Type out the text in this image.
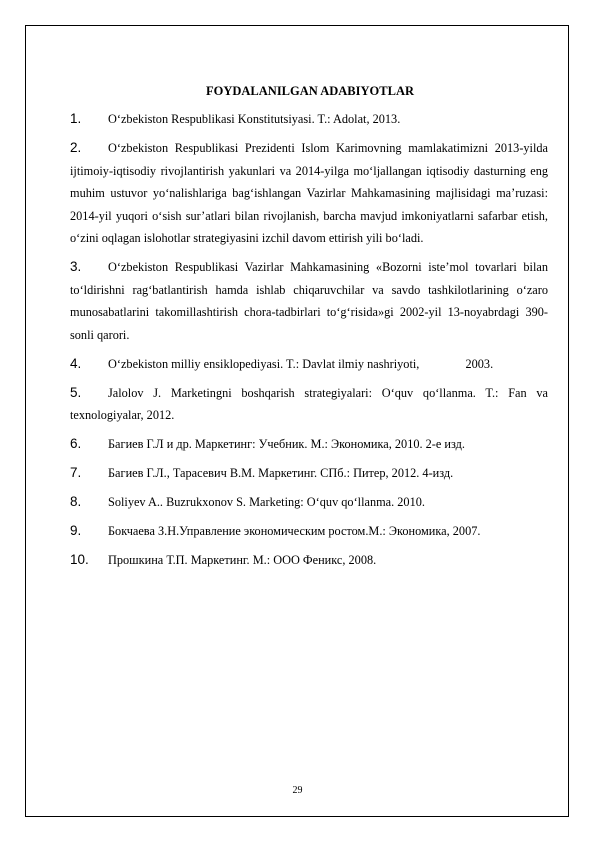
FOYDALANILGAN ADABIYOTLAR
1. O‘zbekiston Respublikasi Konstitutsiyasi. T.: Adolat, 2013.
2.	O‘zbekiston Respublikasi Prezidenti Islom Karimovning mamlakatimizni 2013-yilda ijtimoiy-iqtisodiy rivojlantirish yakunlari va 2014-yilga mo‘ljallangan iqtisodiy dasturning eng muhim ustuvor yo‘nalishlariga bag‘ishlangan Vazirlar Mahkamasining majlisidagi ma’ruzasi: 2014-yil yuqori o‘sish sur’atlari bilan rivojlanish, barcha mavjud imkoniyatlarni safarbar etish, o‘zini oqlagan islohotlar strategiyasini izchil davom ettirish yili bo‘ladi.
3.	O‘zbekiston Respublikasi Vazirlar Mahkamasining «Bozorni iste’mol tovarlari bilan to‘ldirishni rag‘batlantirish hamda ishlab chiqaruvchilar va savdo tashkilotlarining o‘zaro munosabatlarini takomillashtirish chora-tadbirlari to‘g‘risida»gi 2002-yil 13-noyabrdagi 390-sonli qarori.
4. O‘zbekiston milliy ensiklopediyasi. T.: Davlat ilmiy nashriyoti,               2003.
5.	Jalolov J. Marketingni boshqarish strategiyalari: O‘quv qo‘llanma. T.: Fan va texnologiyalar, 2012.
6. Багиев Г.Л и др. Маркетинг: Учебник. М.: Экономика, 2010. 2-е изд.
7. Багиев Г.Л., Тарасевич В.М. Маркетинг. СПб.: Питер, 2012. 4-изд.
8. Soliyev A.. Buzrukxonov S. Marketing: O‘quv qo‘llanma. 2010.
9. Бокчаева З.Н.Управление экономическим ростом.М.: Экономика, 2007.
10. Прошкина Т.П. Маркетинг. М.: ООО Феникс, 2008.
29
